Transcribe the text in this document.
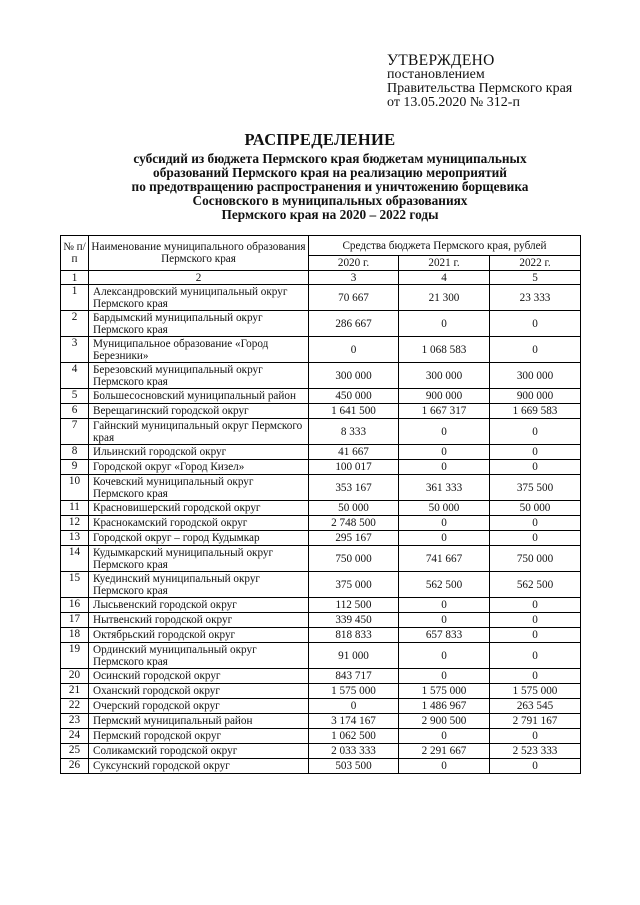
УТВЕРЖДЕНО
постановлением
Правительства Пермского края
от 13.05.2020 № 312-п
РАСПРЕДЕЛЕНИЕ
субсидий из бюджета Пермского края бюджетам муниципальных
образований Пермского края на реализацию мероприятий
по предотвращению распространения и уничтожению борщевика
Сосновского в муниципальных образованиях
Пермского края на 2020 – 2022 годы
№ п/п	Наименование муниципального образования Пермского края	Средства бюджета Пермского края, рублей		
		2020 г.	2021 г.	2022 г.
1	2	3	4	5
1	Александровский муниципальный округ Пермского края	70 667	21 300	23 333
2	Бардымский муниципальный округ Пермского края	286 667	0	0
3	Муниципальное образование «Город Березники»	0	1 068 583	0
4	Березовский муниципальный округ Пермского края	300 000	300 000	300 000
5	Большесосновский муниципальный район	450 000	900 000	900 000
6	Верещагинский городской округ	1 641 500	1 667 317	1 669 583
7	Гайнский муниципальный округ Пермского края	8 333	0	0
8	Ильинский городской округ	41 667	0	0
9	Городской округ «Город Кизел»	100 017	0	0
10	Кочевский муниципальный округ Пермского края	353 167	361 333	375 500
11	Красновишерский городской округ	50 000	50 000	50 000
12	Краснокамский городской округ	2 748 500	0	0
13	Городской округ – город Кудымкар	295 167	0	0
14	Кудымкарский муниципальный округ Пермского края	750 000	741 667	750 000
15	Куединский муниципальный округ Пермского края	375 000	562 500	562 500
16	Лысьвенский городской округ	112 500	0	0
17	Нытвенский городской округ	339 450	0	0
18	Октябрьский городской округ	818 833	657 833	0
19	Ординский муниципальный округ Пермского края	91 000	0	0
20	Осинский городской округ	843 717	0	0
21	Оханский городской округ	1 575 000	1 575 000	1 575 000
22	Очерский городской округ	0	1 486 967	263 545
23	Пермский муниципальный район	3 174 167	2 900 500	2 791 167
24	Пермский городской округ	1 062 500	0	0
25	Соликамский городской округ	2 033 333	2 291 667	2 523 333
26	Суксунский городской округ	503 500	0	0
